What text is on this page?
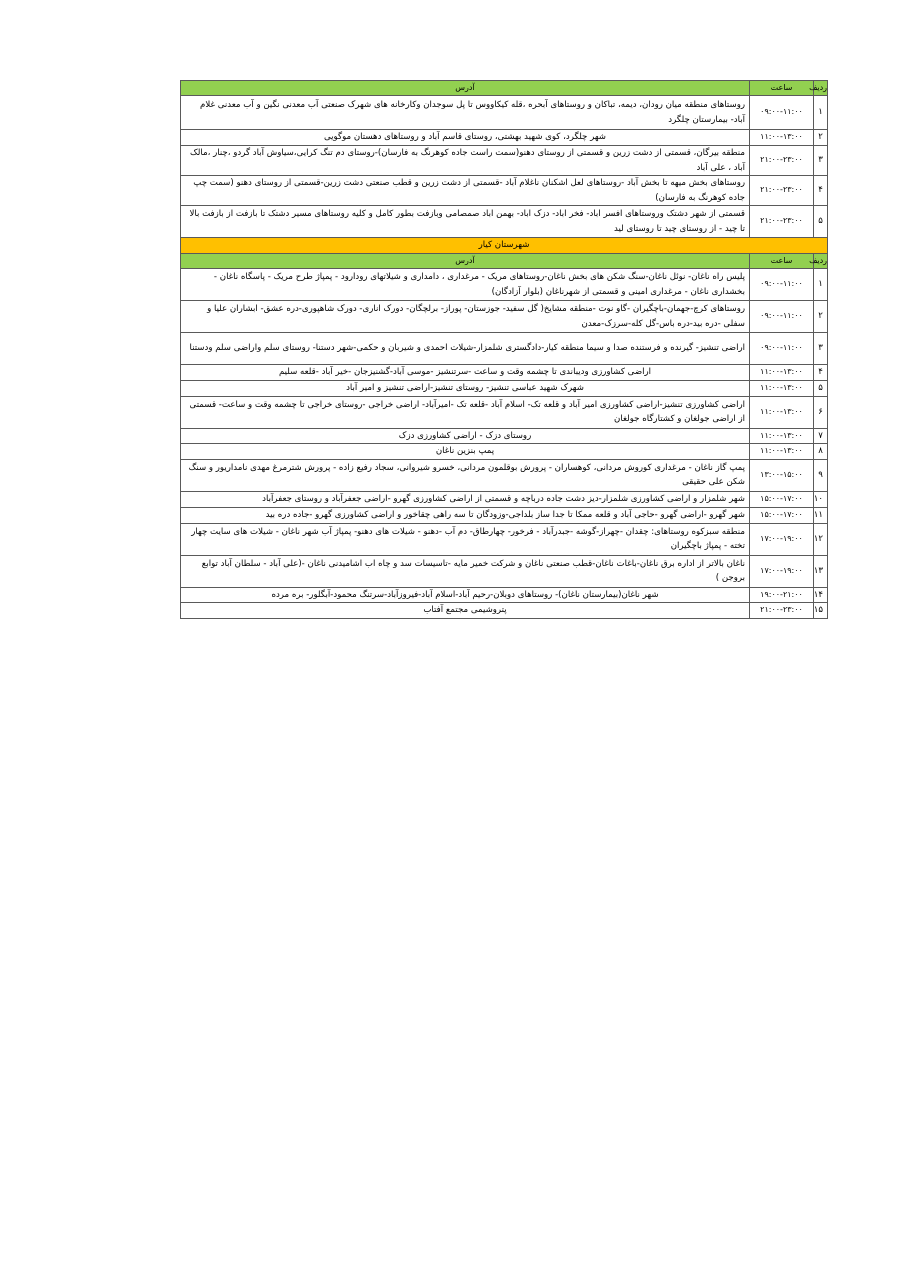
ردیف	ساعت	آدرس
۱	۰۹:۰۰-۱۱:۰۰	روستاهای منطقه میان رودان، دیمه، تباکان و روستاهای آبحره ،قله کیکاووس تا پل سوجدان وکارخانه های شهرک صنعتی آب معدنی نگین و آب معدنی غلام آباد- بیمارستان چلگرد
۲	۱۱:۰۰-۱۳:۰۰	شهر چلگرد، کوی شهید بهشتی، روستای قاسم آباد و روستاهای دهستان موگویی
۳	۲۱:۰۰-۲۳:۰۰	منطقه بیرگان، قسمتی از دشت زرین و قسمتی از روستای دهنو(سمت راست جاده کوهرنگ به فارسان)-روستای دم تنگ کرایی،سیاوش آباد گردو ،چنار ،مالک آباد ، علی آباد
۴	۲۱:۰۰-۲۳:۰۰	روستاهای بخش میهه تا بخش آباد -روستاهای لعل اشکنان ناغلام آباد -قسمتی از دشت زرین و قطب صنعتی دشت زرین-قسمتی از روستای دهنو (سمت چپ جاده کوهرنگ به فارسان)
۵	۲۱:۰۰-۲۳:۰۰	قسمتی از شهر دشتک وروستاهای افسر اباد- فخر اباد- دزک اباد- بهمن اباد صمصامی وبازفت بطور کامل و کلیه روستاهای مسیر دشتک تا بازفت از بازفت بالا تا چید - از روستای چید تا روستای لید
شهرستان کیار		
ردیف	ساعت	آدرس
۱	۰۹:۰۰-۱۱:۰۰	پلیس راه ناغان- نوئل ناغان-سنگ شکن های بخش ناغان-روستاهای مریک - مرغداری ، دامداری و شیلاتهای رودارود - پمپاژ طرح مریک - پاسگاه ناغان - بخشداری ناغان - مرغداری امینی و قسمتی از شهرناغان (بلوار آزادگان)
۲	۰۹:۰۰-۱۱:۰۰	روستاهای کرچ-جهمان-باچگیران -گاو نوت -منطقه مشایخ( گل سفید- جوزستان- پوراز- برلچگان- دورک اناری- دورک شاهپوری-دره عشق- ابشاران علیا و سفلی -دره بید-دره باس-گل کله-سرزک-معدن
۳	۰۹:۰۰-۱۱:۰۰	اراضی تنشیز- گیرنده و فرستنده صدا و سیما منطقه کیار-دادگستری شلمزار-شیلات احمدی و شیربان و حکمی-شهر دستنا- روستای سلم واراضی سلم ودستنا
۴	۱۱:۰۰-۱۳:۰۰	اراضی کشاورزی ودیباندی تا چشمه وقت و ساعت -سرتنشیز -موسی آباد-گشنیزجان -خیر آباد -قلعه سلیم
۵	۱۱:۰۰-۱۳:۰۰	شهرک شهید عباسی تنشیز- روستای تنشیز-اراضی تنشیز و امیر آباد
۶	۱۱:۰۰-۱۳:۰۰	اراضی کشاورزی تنشیز-اراضی کشاورزی امیر آباد و قلعه تک- اسلام آباد -قلعه تک -امیرآباد- اراضی خراجی -روستای خراجی تا چشمه وقت و ساعت- قسمتی از اراضی جولغان و کشتارگاه جولغان
۷	۱۱:۰۰-۱۳:۰۰	روستای دزک - اراضی کشاورزی دزک
۸	۱۱:۰۰-۱۳:۰۰	پمپ بنزین ناغان
۹	۱۳:۰۰-۱۵:۰۰	پمپ گاز ناغان - مرغداری کوروش مردانی، کوهساران - پرورش بوقلمون مردانی، خسرو شیروانی، سجاد رفیع زاده - پرورش شترمرغ مهدی نامداریور و سنگ شکن علی حقیقی
۱۰	۱۵:۰۰-۱۷:۰۰	شهر شلمزار و اراضی کشاورزی شلمزار-دیز دشت جاده درباچه و قسمتی از اراضی کشاورزی گهرو -اراضی جعفرآباد و روستای جعفرآباد
۱۱	۱۵:۰۰-۱۷:۰۰	شهر گهرو -اراضی گهرو -حاجی آباد و قلعه ممکا تا جدا ساز بلداجی-وزودگان تا سه راهی چقاخور و اراضی کشاورزی گهرو -جاده دره بید
۱۲	۱۷:۰۰-۱۹:۰۰	منطقه سبزکوه روستاهای: چقدان -چهراز-گوشه -جبدرآباد - فرخور- چهارطاق- دم آب -دهنو - شیلات های دهنو- پمپاژ آب شهر ناغان - شیلات های سایت چهار تخته - پمپاژ باچگیران
۱۳	۱۷:۰۰-۱۹:۰۰	ناغان بالاتر از اداره برق ناغان-باغات ناغان-قطب صنعتی ناغان و شرکت خمیر مایه -تاسیسات سد و چاه اب اشامیدنی ناغان -(علی آباد - سلطان آباد توابع بروجن )
۱۴	۱۹:۰۰-۲۱:۰۰	شهر ناغان(بیمارستان ناغان)- روستاهای دوبلان-رحیم آباد-اسلام آباد-فیروزآباد-سرتنگ محمود-آبگلور- بره مرده
۱۵	۲۱:۰۰-۲۳:۰۰	پتروشیمی مجتمع آفتاب
